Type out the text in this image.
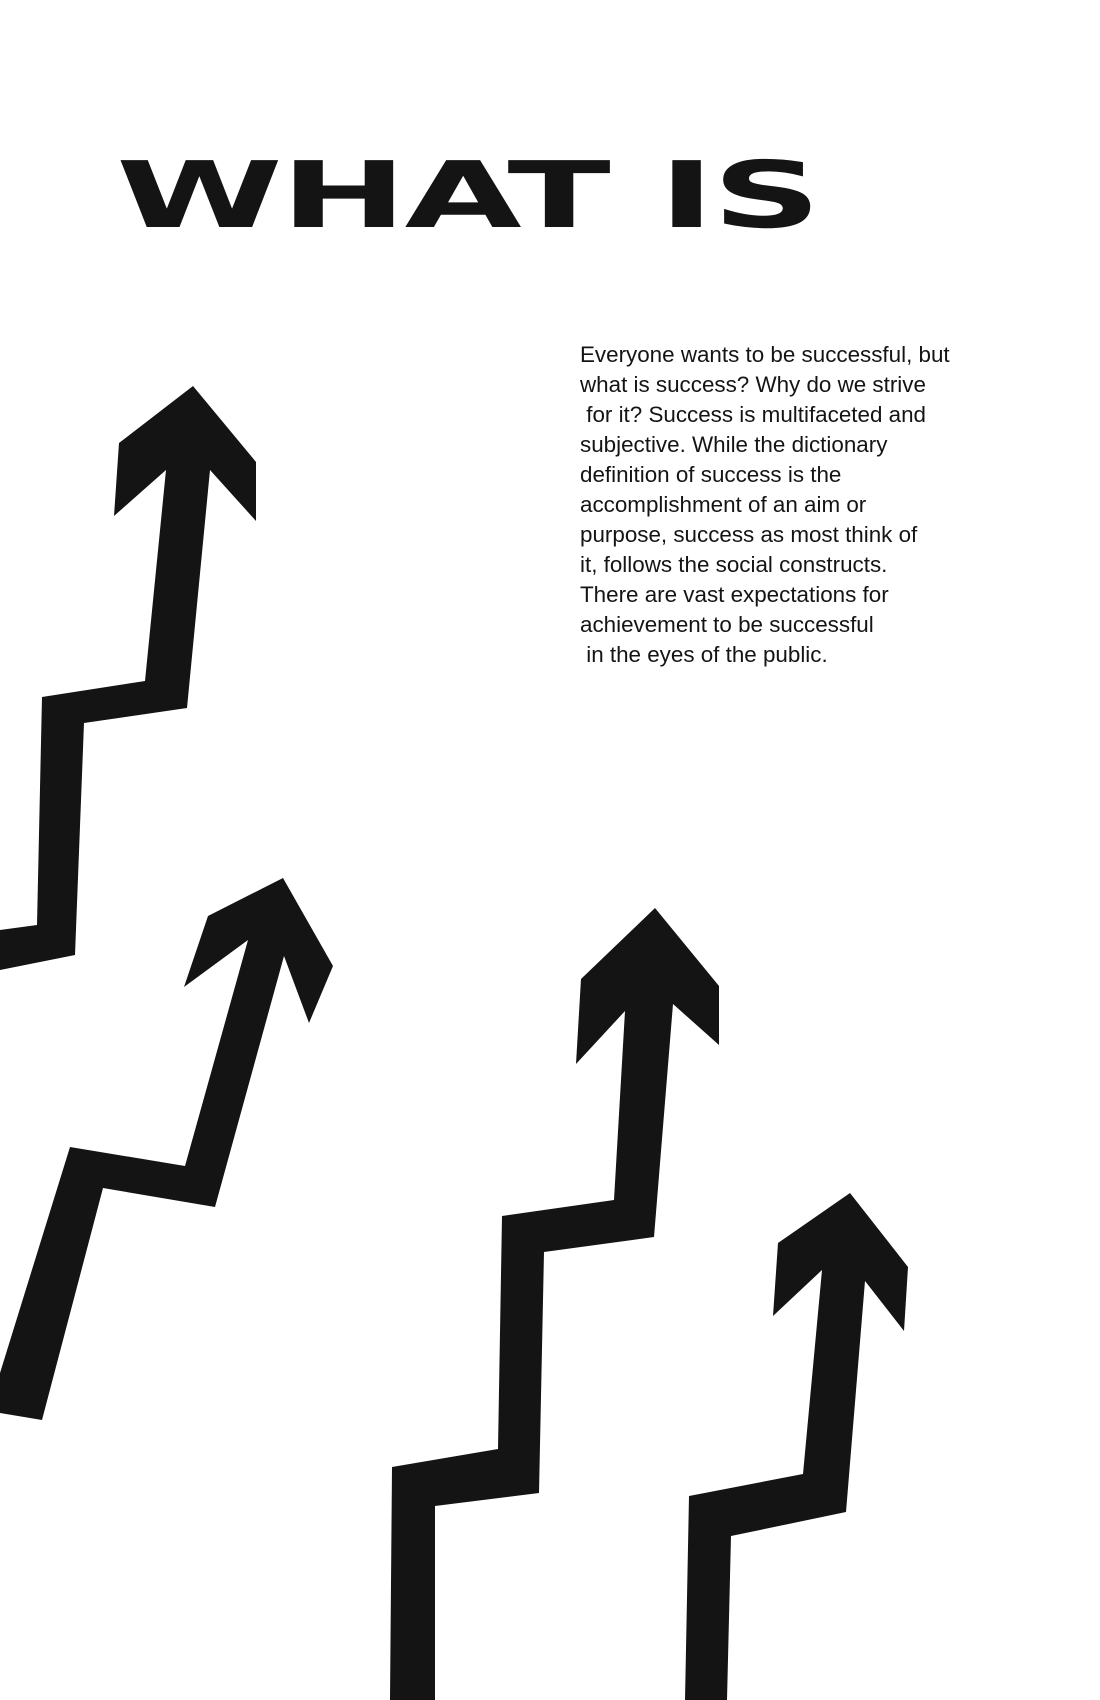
WHAT IS

Everyone wants to be successful, but
what is success? Why do we strive
for it? Success is multifaceted and
subjective. While the dictionary
definition of success is the
accomplishment of an aim or
purpose, success as most think of
it, follows the social constructs.
There are vast expectations for
achievement to be successful
in the eyes of the public.
